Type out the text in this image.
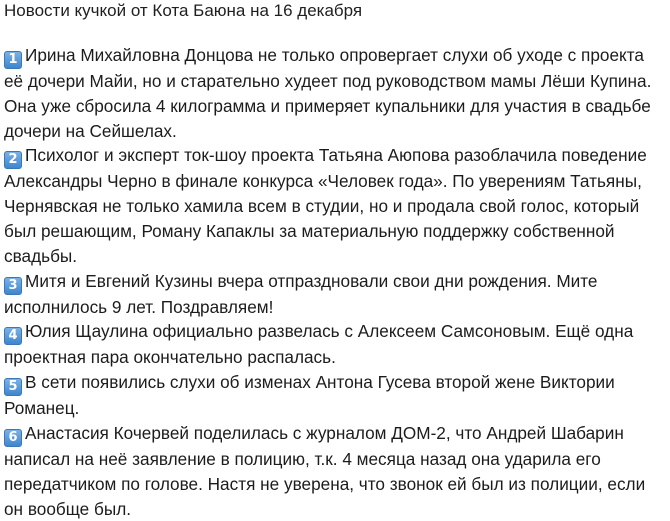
Новости кучкой от Кота Баюна на 16 декабря
1 Ирина Михайловна Донцова не только опровергает слухи об уходе с проекта её дочери Майи, но и старательно худеет под руководством мамы Лёши Купина. Она уже сбросила 4 килограмма и примеряет купальники для участия в свадьбе дочери на Сейшелах.
2 Психолог и эксперт ток-шоу проекта Татьяна Аюпова разоблачила поведение Александры Черно в финале конкурса «Человек года». По уверениям Татьяны, Чернявская не только хамила всем в студии, но и продала свой голос, который был решающим, Роману Капаклы за материальную поддержку собственной свадьбы.
3 Митя и Евгений Кузины вчера отпраздновали свои дни рождения. Мите исполнилось 9 лет. Поздравляем!
4 Юлия Щаулина официально развелась с Алексеем Самсоновым. Ещё одна проектная пара окончательно распалась.
5 В сети появились слухи об изменах Антона Гусева второй жене Виктории Романец.
6 Анастасия Кочервей поделилась с журналом ДОМ-2, что Андрей Шабарин написал на неё заявление в полицию, т.к. 4 месяца назад она ударила его передатчиком по голове. Настя не уверена, что звонок ей был из полиции, если он вообще был.
